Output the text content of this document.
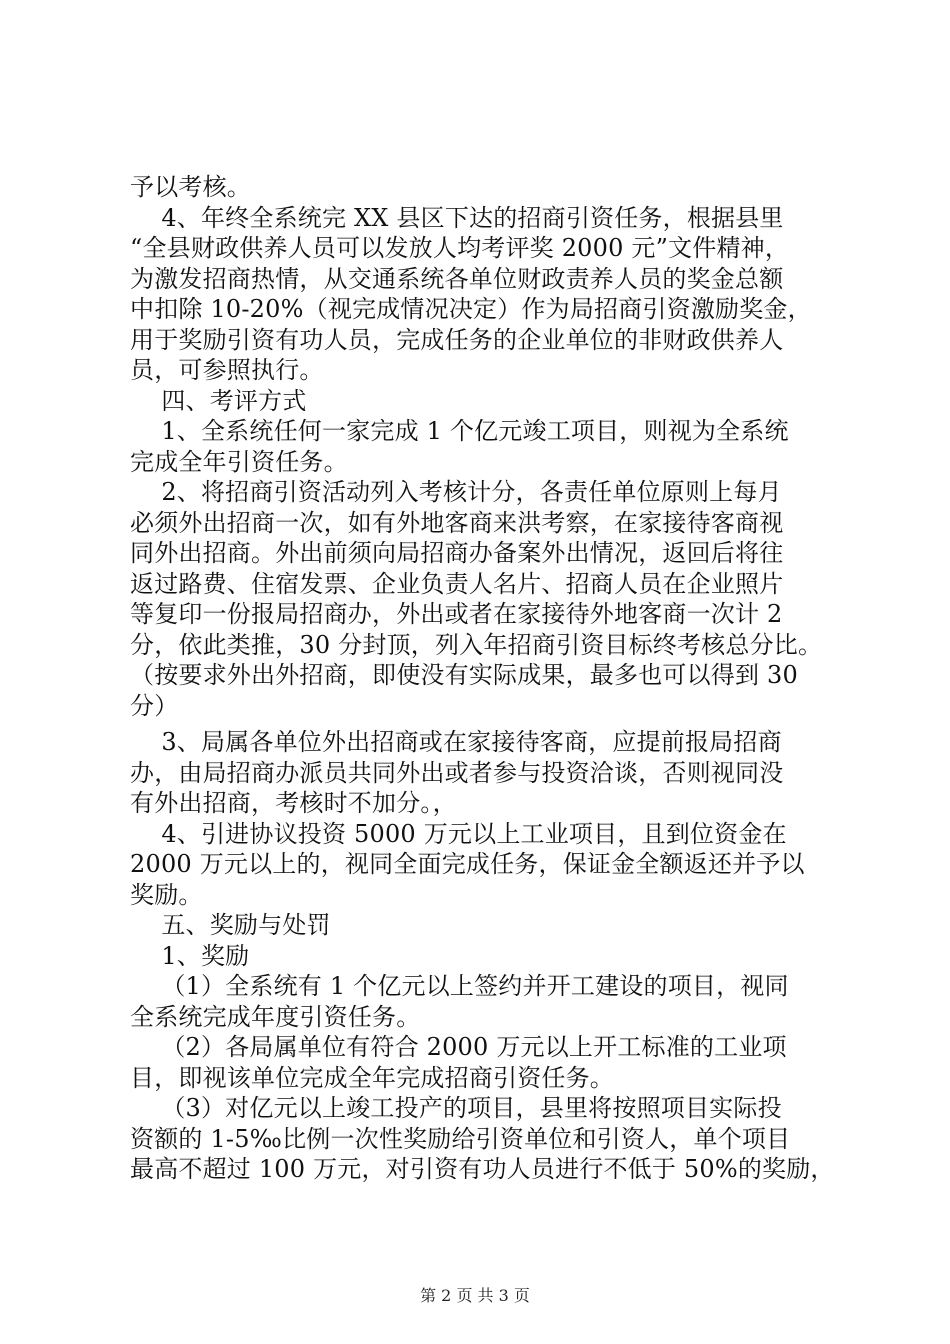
予以考核。
4、年终全系统完 XX 县区下达的招商引资任务，根据县里
“全县财政供养人员可以发放人均考评奖 2000 元”文件精神，
为激发招商热情，从交通系统各单位财政责养人员的奖金总额
中扣除 10-20%（视完成情况决定）作为局招商引资激励奖金，
用于奖励引资有功人员，完成任务的企业单位的非财政供养人
员，可参照执行。
四、考评方式
1、全系统任何一家完成 1 个亿元竣工项目，则视为全系统
完成全年引资任务。
2、将招商引资活动列入考核计分，各责任单位原则上每月
必须外出招商一次，如有外地客商来洪考察，在家接待客商视
同外出招商。外出前须向局招商办备案外出情况，返回后将往
返过路费、住宿发票、企业负责人名片、招商人员在企业照片
等复印一份报局招商办，外出或者在家接待外地客商一次计 2
分，依此类推，30 分封顶，列入年招商引资目标终考核总分比。
（按要求外出外招商，即使没有实际成果，最多也可以得到 30
分）
3、局属各单位外出招商或在家接待客商，应提前报局招商
办，由局招商办派员共同外出或者参与投资洽谈，否则视同没
有外出招商，考核时不加分。，
4、引进协议投资 5000 万元以上工业项目，且到位资金在
2000 万元以上的，视同全面完成任务，保证金全额返还并予以
奖励。
五、奖励与处罚
1、奖励
（1）全系统有 1 个亿元以上签约并开工建设的项目，视同
全系统完成年度引资任务。
（2）各局属单位有符合 2000 万元以上开工标准的工业项
目，即视该单位完成全年完成招商引资任务。
（3）对亿元以上竣工投产的项目，县里将按照项目实际投
资额的 1-5‰比例一次性奖励给引资单位和引资人，单个项目
最高不超过 100 万元，对引资有功人员进行不低于 50%的奖励，
第 2 页 共 3 页
